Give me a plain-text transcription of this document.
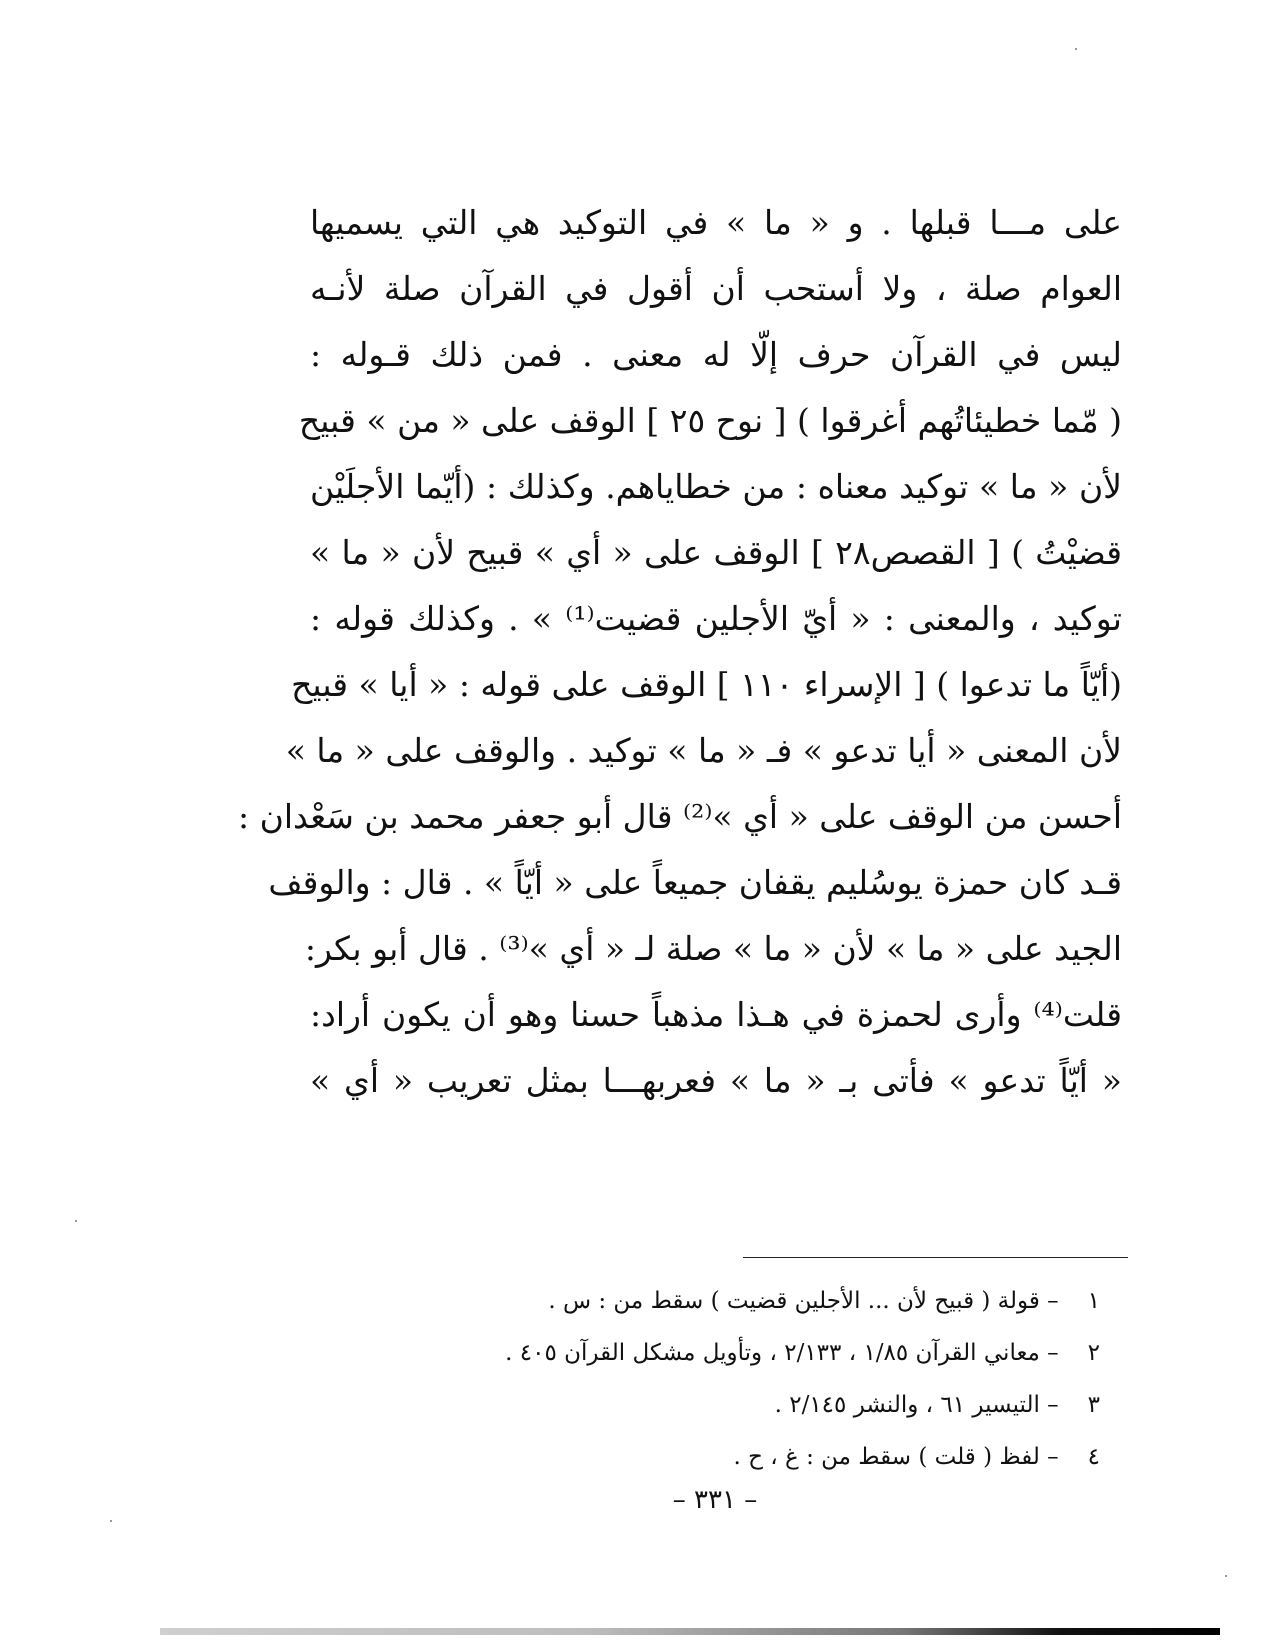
على مـــا قبلها . و « ما » في التوكيد هي التي يسميها
العوام صلة ، ولا أستحب أن أقول في القرآن صلة لأنـه
ليس في القرآن حرف إلّا له معنى . فمن ذلك قـوله :
( مّما خطيئاتُهم أغرقوا ) [ نوح ٢٥ ] الوقف على « من » قبيح
لأن « ما » توكيد معناه : من خطاياهم. وكذلك : (أيّما الأجلَيْن
قضيْتُ ) [ القصص٢٨ ] الوقف على « أي » قبيح لأن « ما »
توكيد ، والمعنى : « أيّ الأجلين قضيت⁽¹⁾ » . وكذلك قوله :
(أيّاً ما تدعوا ) [ الإسراء ١١٠ ] الوقف على قوله : « أيا » قبيح
لأن المعنى « أيا تدعو » فـ « ما » توكيد . والوقف على « ما »
أحسن من الوقف على « أي »⁽²⁾ قال أبو جعفر محمد بن سَعْدان :
قـد كان حمزة يوسُليم يقفان جميعاً على « أيّاً » . قال : والوقف
الجيد على « ما » لأن « ما » صلة لـ « أي »⁽³⁾ . قال أبو بكر:
قلت⁽⁴⁾ وأرى لحمزة في هـذا مذهباً حسنا وهو أن يكون أراد:
« أيّاً تدعو » فأتى بـ « ما » فعربهـــا بمثل تعريب « أي »
١ – قولة ( قبيح لأن ... الأجلين قضيت ) سقط من : س .
٢ – معاني القرآن ١/٨٥ ، ٢/١٣٣ ، وتأويل مشكل القرآن ٤٠٥ .
٣ – التيسير ٦١ ، والنشر ٢/١٤٥ .
٤ – لفظ ( قلت ) سقط من : غ ، ح .
– ٣٣١ –
